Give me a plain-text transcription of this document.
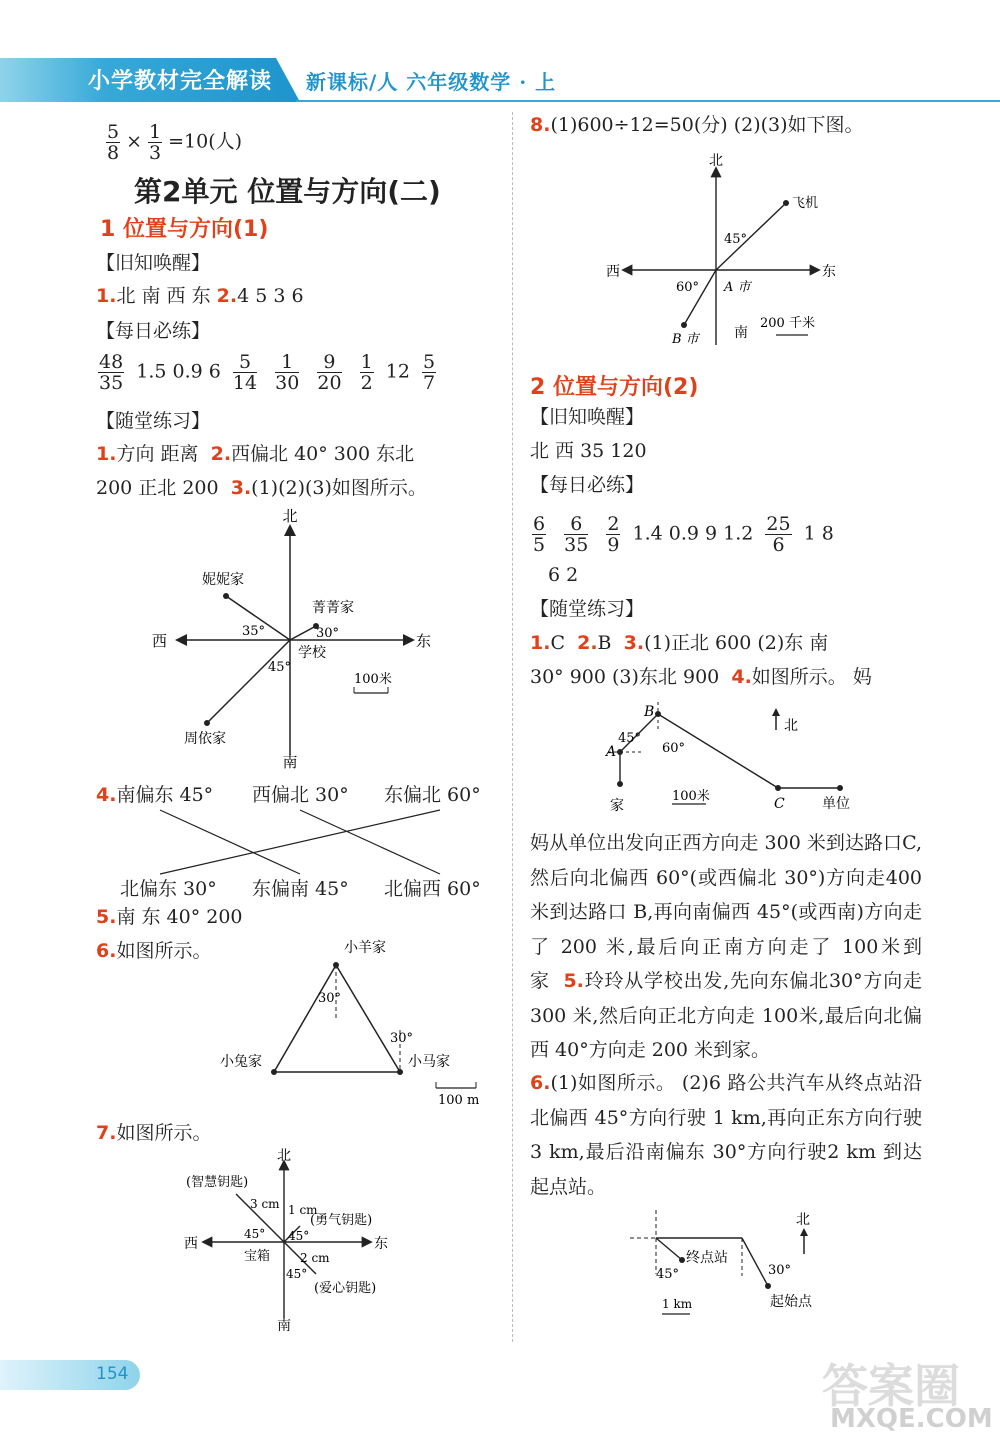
小学教材完全解读 新课标/人 六年级数学 · 上
$\frac{5}{8} \times \frac{1}{3} =10$(人)
第2单元 位置与方向(二)
1 位置与方向(1)
【旧知唤醒】
1.北 南 西 东 2.4 5 3 6
【每日必练】
$\frac{48}{35} 1.5$ 0.9 $6 \frac{5}{14}$
$\frac{1}{30}$
$\frac{9}{20}$
$\frac{1}{2} 12 \frac{5}{7}$
【随堂练习】
1.方向 距离 2.西偏北 40° 300 东北
200 正北 200 3.(1)(2)(3)如图所示。
北
南
西	东
妮妮家
菁菁家
周依家
学校
35°	30°
45°
100米
4.南偏东 45° 西偏北 30° 东偏北 60°
北偏东 30° 东偏南 45° 北偏西 60°
5.南 东 40° 200
6.如图所示。	小羊家
小兔家	小马家
30°
30°
100 m
7.如图所示。
北
南
西	东
(智慧钥匙)
(勇气钥匙)
(爱心钥匙)
宝箱
3 cm 1 cm
2 cm
45° 45°
45°
8.(1)600÷12=50(分) (2)(3)如下图。
北
南
西	东
飞机
A 市
B 市
45°
60°
200 千米
2 位置与方向(2)
【旧知唤醒】
北 西 35 120
【每日必练】
$\frac{6}{5}$
$\frac{6}{35}$
$\frac{2}{9} 1.4$ 0.9 9 $1.2 \frac{25}{6} 1$ 8
6 2
【随堂练习】
1.C 2.B 3.(1)正北 600 (2)东 南
30° 900 (3)东北 900 4.如图所示。 妈
B
A
C
家	单位
北
45°
60°
100米
妈从单位出发向正西方向走 300 米到达路口C,然后向北偏西 60°(或西偏北 30°)方向走400 米到达路口 B,再向南偏西 45°(或西南)方向走了 200 米,最后向正南方向走了 100米到家 5.玲玲从学校出发,先向东偏北30°方向走 300 米,然后向正北方向走 100米,最后向北偏西 40°方向走 200 米到家。
6.(1)如图所示。 (2)6 路公共汽车从终点站沿北偏西 45°方向行驶 1 km,再向正东方向行驶 3 km,最后沿南偏东 30°方向行驶2 km 到达起点站。
终点站
起始点
北
45°	30°
1 km
154	答案圈
MXQE.COM
